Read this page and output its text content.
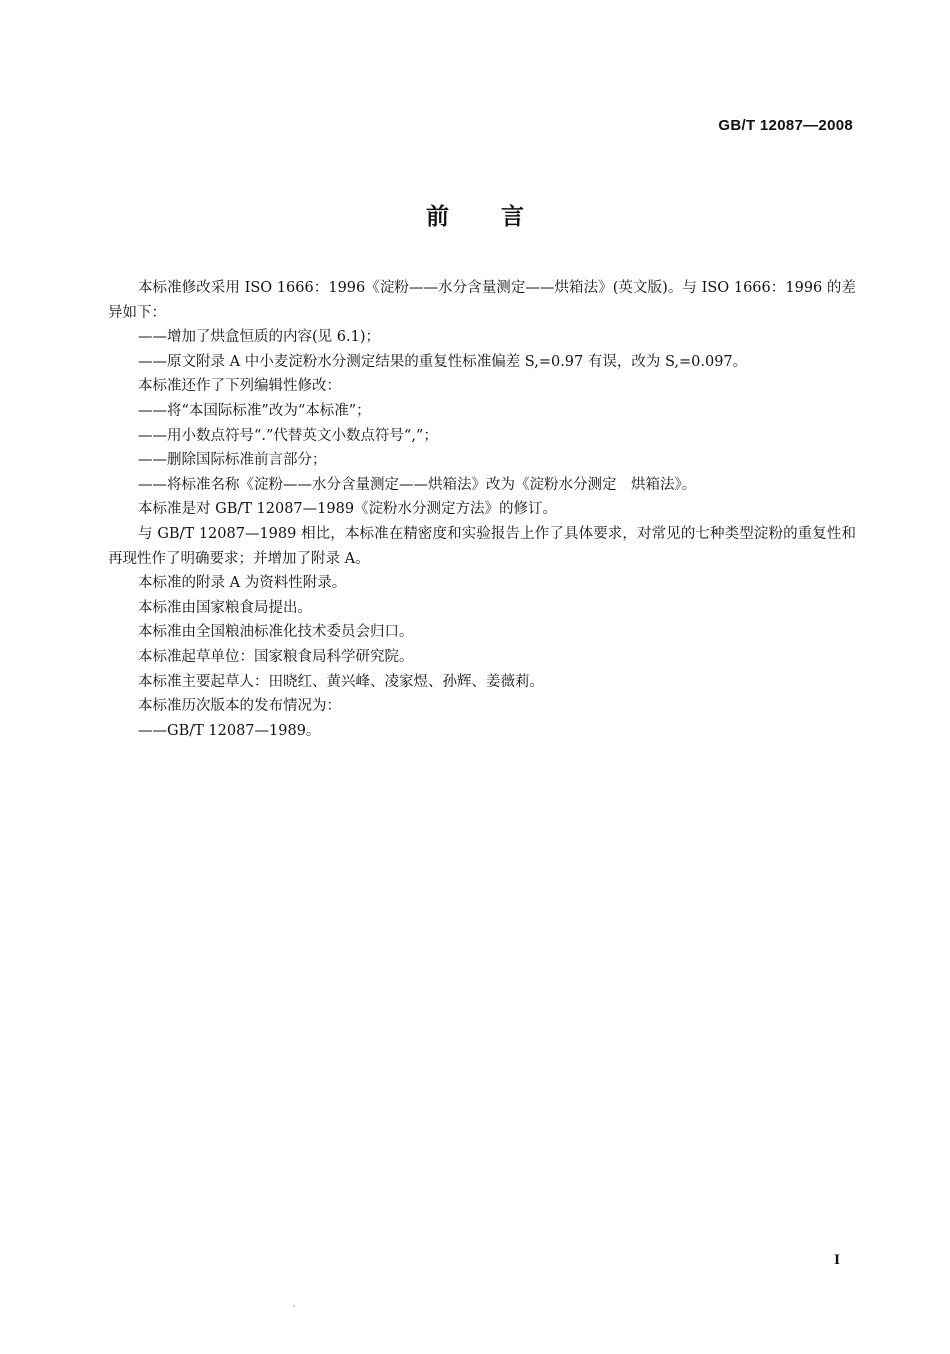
GB/T 12087—2008
前言

本标准修改采用 ISO 1666：1996《淀粉——水分含量测定——烘箱法》(英文版)。与 ISO 1666：1996 的差异如下：

——增加了烘盒恒质的内容(见 6.1)；

——原文附录 A 中小麦淀粉水分测定结果的重复性标准偏差 S,=0.97 有误，改为 S,=0.097。

本标准还作了下列编辑性修改：

——将“本国际标准”改为“本标准”；

——用小数点符号“.”代替英文小数点符号“,”；

——删除国际标准前言部分；

——将标准名称《淀粉——水分含量测定——烘箱法》改为《淀粉水分测定　烘箱法》。

本标准是对 GB/T 12087—1989《淀粉水分测定方法》的修订。

与 GB/T 12087—1989 相比，本标准在精密度和实验报告上作了具体要求，对常见的七种类型淀粉的重复性和再现性作了明确要求；并增加了附录 A。

本标准的附录 A 为资料性附录。

本标准由国家粮食局提出。

本标准由全国粮油标准化技术委员会归口。

本标准起草单位：国家粮食局科学研究院。

本标准主要起草人：田晓红、黄兴峰、凌家煜、孙辉、姜薇莉。

本标准历次版本的发布情况为：

——GB/T 12087—1989。

I
